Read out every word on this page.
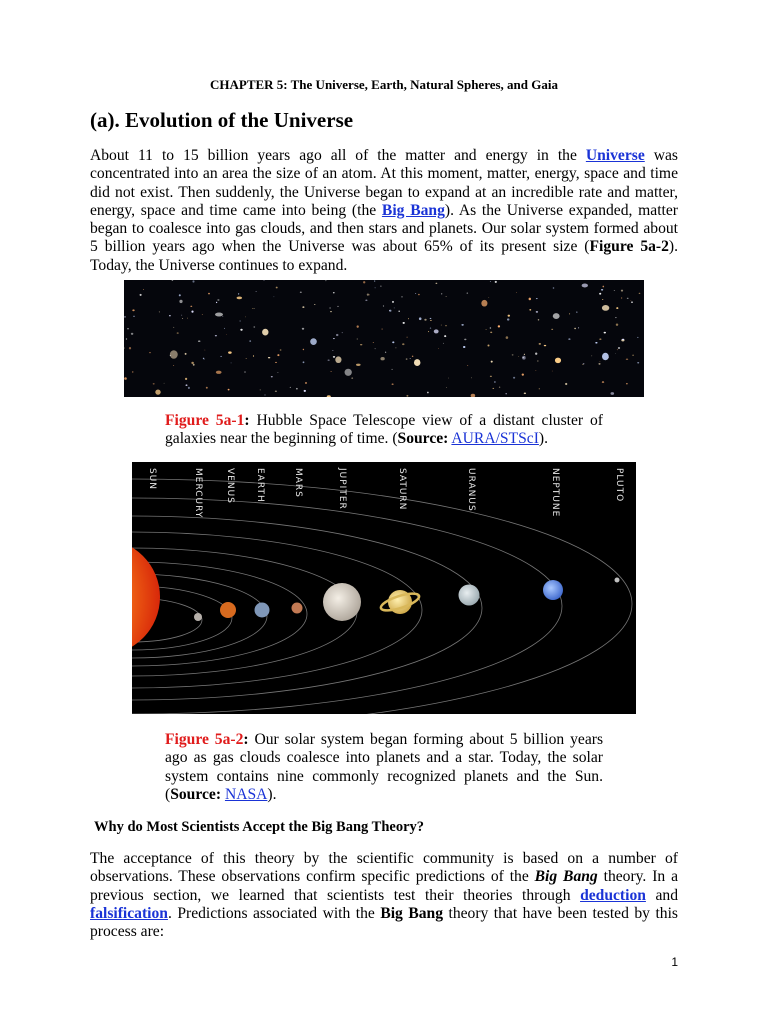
CHAPTER 5: The Universe, Earth, Natural Spheres, and Gaia
(a). Evolution of the Universe
About 11 to 15 billion years ago all of the matter and energy in the Universe was concentrated into an area the size of an atom. At this moment, matter, energy, space and time did not exist. Then suddenly, the Universe began to expand at an incredible rate and matter, energy, space and time came into being (the Big Bang). As the Universe expanded, matter began to coalesce into gas clouds, and then stars and planets. Our solar system formed about 5 billion years ago when the Universe was about 65% of its present size (Figure 5a-2). Today, the Universe continues to expand.
Figure 5a-1: Hubble Space Telescope view of a distant cluster of galaxies near the beginning of time. (Source: AURA/STScI).
SUN	MERCURY VENUS EARTH	MARS	JUPITER	SATURN	URANUS	NEPTUNE	PLUTO
Figure 5a-2: Our solar system began forming about 5 billion years ago as gas clouds coalesce into planets and a star. Today, the solar system contains nine commonly recognized planets and the Sun. (Source: NASA).
Why do Most Scientists Accept the Big Bang Theory?
The acceptance of this theory by the scientific community is based on a number of observations. These observations confirm specific predictions of the Big Bang theory. In a previous section, we learned that scientists test their theories through deduction and falsification. Predictions associated with the Big Bang theory that have been tested by this process are:
1
